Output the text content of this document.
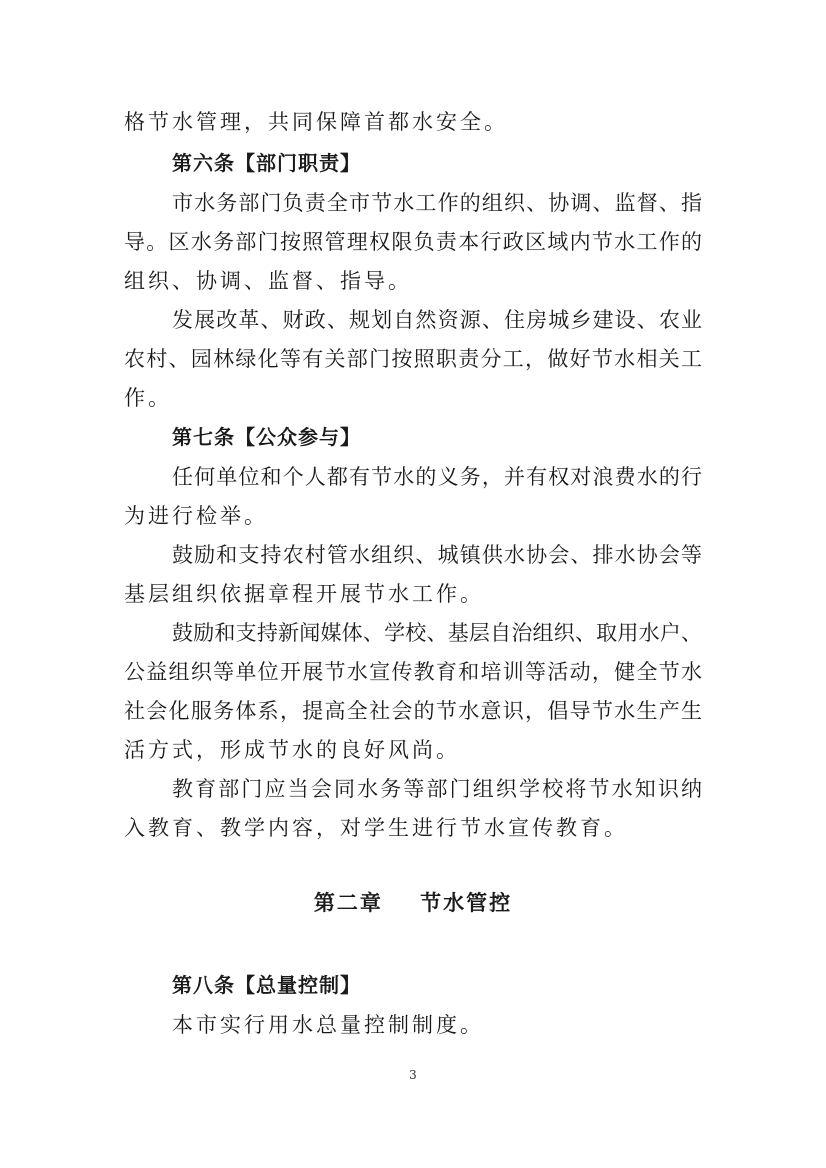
格节水管理，共同保障首都水安全。
第六条【部门职责】
市水务部门负责全市节水工作的组织、协调、监督、指
导。区水务部门按照管理权限负责本行政区域内节水工作的
组织、协调、监督、指导。
发展改革、财政、规划自然资源、住房城乡建设、农业
农村、园林绿化等有关部门按照职责分工，做好节水相关工
作。
第七条【公众参与】
任何单位和个人都有节水的义务，并有权对浪费水的行
为进行检举。
鼓励和支持农村管水组织、城镇供水协会、排水协会等
基层组织依据章程开展节水工作。
鼓励和支持新闻媒体、学校、基层自治组织、取用水户、
公益组织等单位开展节水宣传教育和培训等活动，健全节水
社会化服务体系，提高全社会的节水意识，倡导节水生产生
活方式，形成节水的良好风尚。
教育部门应当会同水务等部门组织学校将节水知识纳
入教育、教学内容，对学生进行节水宣传教育。
第二章    节水管控
第八条【总量控制】
本市实行用水总量控制制度。
3
